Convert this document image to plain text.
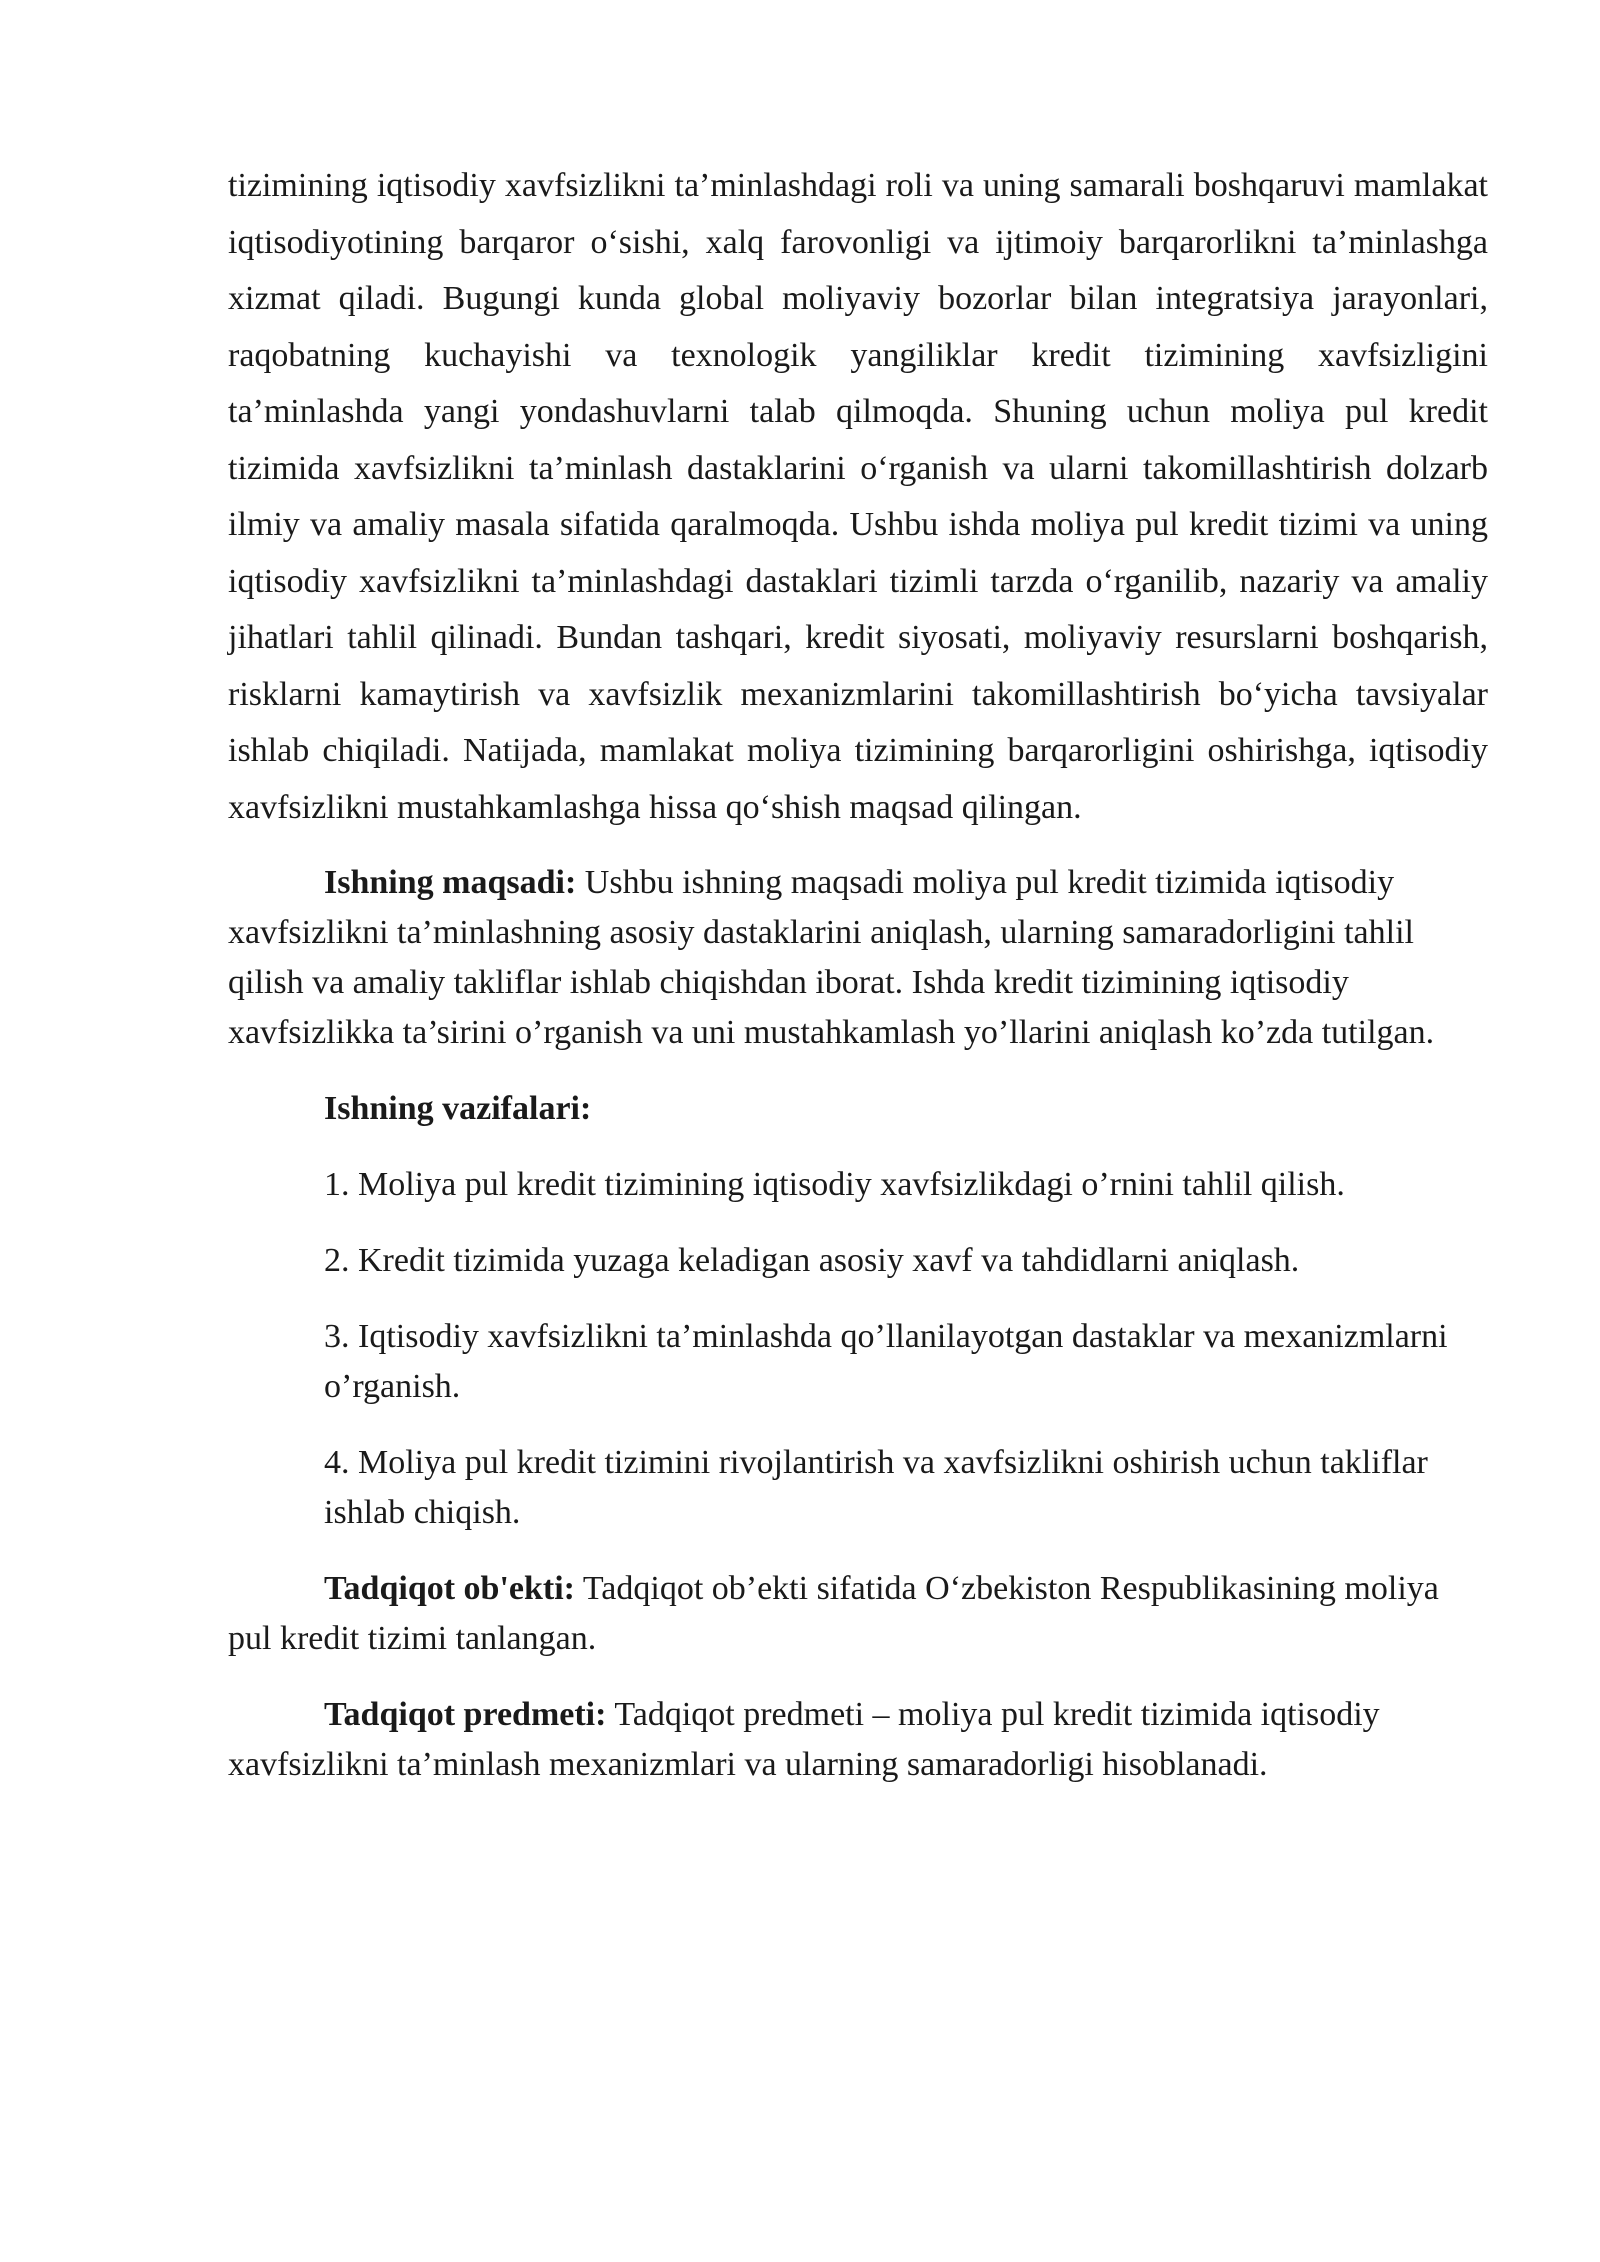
tizimining iqtisodiy xavfsizlikni ta’minlashdagi roli va uning samarali boshqaruvi mamlakat iqtisodiyotining barqaror o‘sishi, xalq farovonligi va ijtimoiy barqarorlikni ta’minlashga xizmat qiladi. Bugungi kunda global moliyaviy bozorlar bilan integratsiya jarayonlari, raqobatning kuchayishi va texnologik yangiliklar kredit tizimining xavfsizligini ta’minlashda yangi yondashuvlarni talab qilmoqda. Shuning uchun moliya pul kredit tizimida xavfsizlikni ta’minlash dastaklarini o‘rganish va ularni takomillashtirish dolzarb ilmiy va amaliy masala sifatida qaralmoqda. Ushbu ishda moliya pul kredit tizimi va uning iqtisodiy xavfsizlikni ta’minlashdagi dastaklari tizimli tarzda o‘rganilib, nazariy va amaliy jihatlari tahlil qilinadi. Bundan tashqari, kredit siyosati, moliyaviy resurslarni boshqarish, risklarni kamaytirish va xavfsizlik mexanizmlarini takomillashtirish bo‘yicha tavsiyalar ishlab chiqiladi. Natijada, mamlakat moliya tizimining barqarorligini oshirishga, iqtisodiy xavfsizlikni mustahkamlashga hissa qo‘shish maqsad qilingan.

Ishning maqsadi: Ushbu ishning maqsadi moliya pul kredit tizimida iqtisodiy xavfsizlikni ta’minlashning asosiy dastaklarini aniqlash, ularning samaradorligini tahlil qilish va amaliy takliflar ishlab chiqishdan iborat. Ishda kredit tizimining iqtisodiy xavfsizlikka ta’sirini o’rganish va uni mustahkamlash yo’llarini aniqlash ko’zda tutilgan.

Ishning vazifalari:

1. Moliya pul kredit tizimining iqtisodiy xavfsizlikdagi o’rnini tahlil qilish.
2. Kredit tizimida yuzaga keladigan asosiy xavf va tahdidlarni aniqlash.
3. Iqtisodiy xavfsizlikni ta’minlashda qo’llanilayotgan dastaklar va mexanizmlarni o’rganish.
4. Moliya pul kredit tizimini rivojlantirish va xavfsizlikni oshirish uchun takliflar ishlab chiqish.

Tadqiqot ob'ekti: Tadqiqot ob’ekti sifatida O‘zbekiston Respublikasining moliya pul kredit tizimi tanlangan.

Tadqiqot predmeti: Tadqiqot predmeti – moliya pul kredit tizimida iqtisodiy xavfsizlikni ta’minlash mexanizmlari va ularning samaradorligi hisoblanadi.
